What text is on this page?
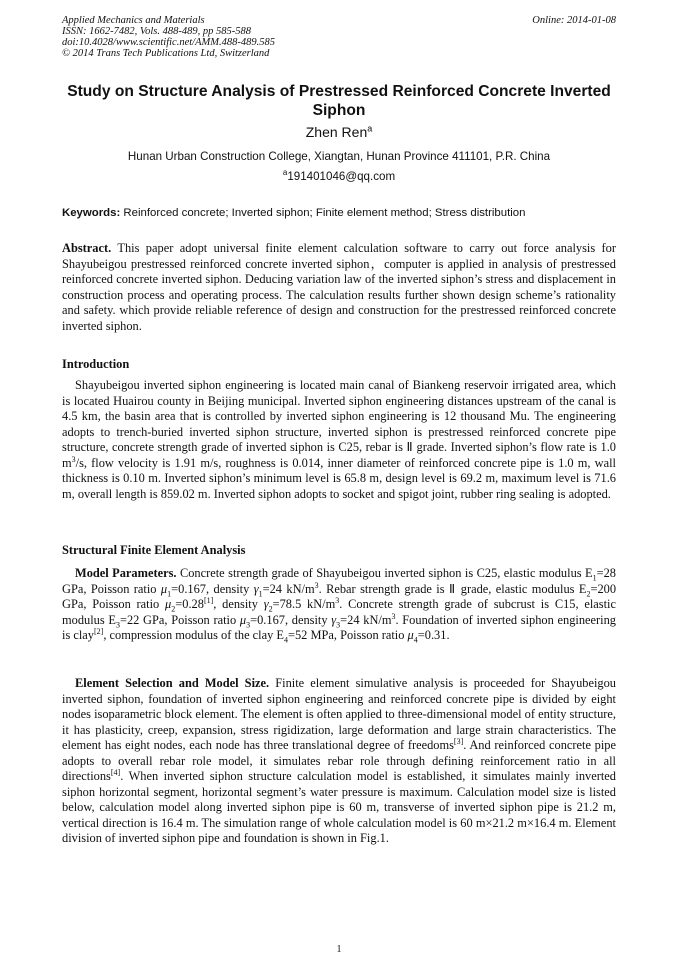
Applied Mechanics and Materials
ISSN: 1662-7482, Vols. 488-489, pp 585-588
doi:10.4028/www.scientific.net/AMM.488-489.585
© 2014 Trans Tech Publications Ltd, Switzerland
Online: 2014-01-08
Study on Structure Analysis of Prestressed Reinforced Concrete Inverted Siphon
Zhen Ren$^a$
Hunan Urban Construction College, Xiangtan, Hunan Province 411101, P.R. China
$^a$191401046@qq.com
Keywords: Reinforced concrete; Inverted siphon; Finite element method; Stress distribution
Abstract. This paper adopt universal finite element calculation software to carry out force analysis for Shayubeigou prestressed reinforced concrete inverted siphon，computer is applied in analysis of prestressed reinforced concrete inverted siphon. Deducing variation law of the inverted siphon’s stress and displacement in construction process and operating process. The calculation results further shown design scheme’s rationality and safety. which provide reliable reference of design and construction for the prestressed reinforced concrete inverted siphon.
Introduction
Shayubeigou inverted siphon engineering is located main canal of Biankeng reservoir irrigated area, which is located Huairou county in Beijing municipal. Inverted siphon engineering distances upstream of the canal is 4.5 km, the basin area that is controlled by inverted siphon engineering is 12 thousand Mu. The engineering adopts to trench-buried inverted siphon structure, inverted siphon is prestressed reinforced concrete pipe structure, concrete strength grade of inverted siphon is C25, rebar is Ⅱ grade. Inverted siphon’s flow rate is 1.0 $m^3/s$, flow velocity is 1.91 m/s, roughness is 0.014, inner diameter of reinforced concrete pipe is 1.0 m, wall thickness is 0.10 m. Inverted siphon’s minimum level is 65.8 m, design level is 69.2 m, maximum level is 71.6 m, overall length is 859.02 m. Inverted siphon adopts to socket and spigot joint, rubber ring sealing is adopted.
Structural Finite Element Analysis
Model Parameters. Concrete strength grade of Shayubeigou inverted siphon is C25, elastic modulus $E_1=28$ GPa, Poisson ratio $\mu_1=0.167$, density $\gamma_1=24$ $kN/m^3$. Rebar strength grade is Ⅱ grade, elastic modulus $E_2=200$ GPa, Poisson ratio $\mu_2=0.28[1]$, density $\gamma_2=78.5$ $kN/m^3$. Concrete strength grade of subcrust is C15, elastic modulus $E_3=22$ GPa, Poisson ratio $\mu_3=0.167$, density $\gamma_3=24$ $kN/m^3$. Foundation of inverted siphon engineering is clay[2], compression modulus of the clay $E_4=52$ MPa, Poisson ratio $\mu_4=0.31$.
Element Selection and Model Size. Finite element simulative analysis is proceeded for Shayubeigou inverted siphon, foundation of inverted siphon engineering and reinforced concrete pipe is divided by eight nodes isoparametric block element. The element is often applied to three-dimensional model of entity structure, it has plasticity, creep, expansion, stress rigidization, large deformation and large strain characteristics. The element has eight nodes, each node has three translational degree of freedoms[3]. And reinforced concrete pipe adopts to overall rebar role model, it simulates rebar role through defining reinforcement ratio in all directions[4]. When inverted siphon structure calculation model is established, it simulates mainly inverted siphon horizontal segment, horizontal segment’s water pressure is maximum. Calculation model size is listed below, calculation model along inverted siphon pipe is 60 m, transverse of inverted siphon pipe is 21.2 m, vertical direction is 16.4 m. The simulation range of whole calculation model is 60 m×21.2 m×16.4 m. Element division of inverted siphon pipe and foundation is shown in Fig.1.
1
